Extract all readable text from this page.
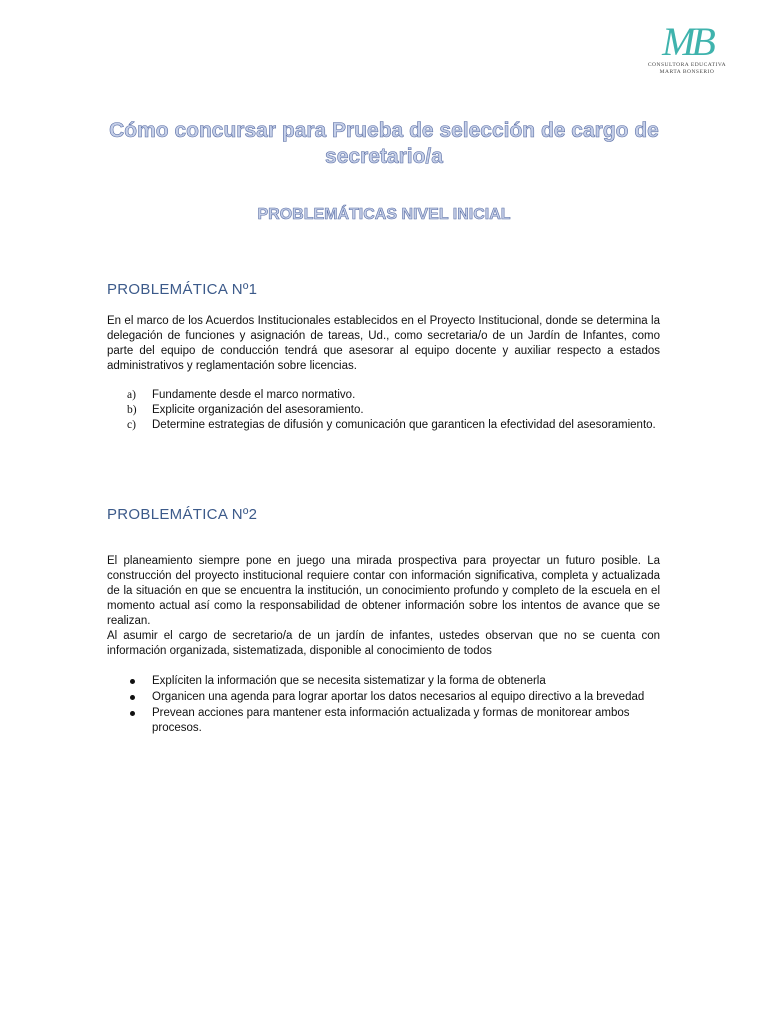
MB
CONSULTORA EDUCATIVA
MARTA BONSERIO
Cómo concursar para Prueba de selección de cargo de secretario/a
PROBLEMÁTICAS NIVEL INICIAL
PROBLEMÁTICA Nº1
En el marco de los Acuerdos Institucionales establecidos en el Proyecto Institucional, donde se determina la delegación de funciones y asignación de tareas, Ud., como secretaria/o de un Jardín de Infantes, como parte del equipo de conducción tendrá que asesorar al equipo docente y auxiliar respecto a estados administrativos y reglamentación sobre licencias.
a) Fundamente desde el marco normativo.
b) Explicite organización del asesoramiento.
c) Determine estrategias de difusión y comunicación que garanticen la efectividad del asesoramiento.
PROBLEMÁTICA Nº2
El planeamiento siempre pone en juego una mirada prospectiva para proyectar un futuro posible. La construcción del proyecto institucional requiere contar con información significativa, completa y actualizada de la situación en que se encuentra la institución, un conocimiento profundo y completo de la escuela en el momento actual así como la responsabilidad de obtener información sobre los intentos de avance que se realizan.
Al asumir el cargo de secretario/a de un jardín de infantes, ustedes observan que no se cuenta con información organizada, sistematizada, disponible al conocimiento de todos
Explíciten la información que se necesita sistematizar y la forma de obtenerla
Organicen una agenda para lograr aportar los datos necesarios al equipo directivo a la brevedad
Prevean acciones para mantener esta información actualizada y formas de monitorear ambos procesos.
